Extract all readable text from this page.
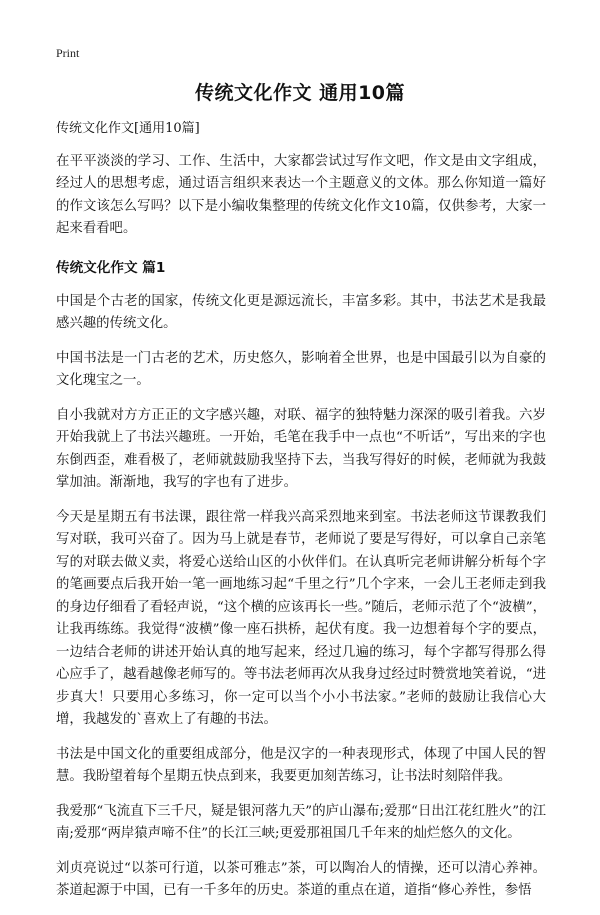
Print
传统文化作文 通用10篇

传统文化作文[通用10篇]

在平平淡淡的学习、工作、生活中，大家都尝试过写作文吧，作文是由文字组成，经过人的思想考虑，通过语言组织来表达一个主题意义的文体。那么你知道一篇好的作文该怎么写吗？以下是小编收集整理的传统文化作文10篇，仅供参考，大家一起来看看吧。

传统文化作文 篇1

中国是个古老的国家，传统文化更是源远流长，丰富多彩。其中，书法艺术是我最感兴趣的传统文化。

中国书法是一门古老的艺术，历史悠久，影响着全世界，也是中国最引以为自豪的文化瑰宝之一。

自小我就对方方正正的文字感兴趣，对联、福字的独特魅力深深的吸引着我。六岁开始我就上了书法兴趣班。一开始，毛笔在我手中一点也“不听话”，写出来的字也东倒西歪，难看极了，老师就鼓励我坚持下去，当我写得好的时候，老师就为我鼓掌加油。渐渐地，我写的字也有了进步。

今天是星期五有书法课，跟往常一样我兴高采烈地来到室。书法老师这节课教我们写对联，我可兴奋了。因为马上就是春节，老师说了要是写得好，可以拿自己亲笔写的对联去做义卖，将爱心送给山区的小伙伴们。在认真听完老师讲解分析每个字的笔画要点后我开始一笔一画地练习起“千里之行”几个字来，一会儿王老师走到我的身边仔细看了看轻声说，“这个横的应该再长一些。”随后，老师示范了个“波横”，让我再练练。我觉得“波横”像一座石拱桥，起伏有度。我一边想着每个字的要点，一边结合老师的讲述开始认真的地写起来，经过几遍的练习，每个字都写得那么得心应手了，越看越像老师写的。等书法老师再次从我身过经过时赞赏地笑着说，“进步真大！只要用心多练习，你一定可以当个小小书法家。”老师的鼓励让我信心大增，我越发的`喜欢上了有趣的书法。

书法是中国文化的重要组成部分，他是汉字的一种表现形式，体现了中国人民的智慧。我盼望着每个星期五快点到来，我要更加刻苦练习，让书法时刻陪伴我。

我爱那“飞流直下三千尺，疑是银河落九天”的庐山瀑布;爱那“日出江花红胜火”的江南;爱那“两岸猿声啼不住”的长江三峡;更爱那祖国几千年来的灿烂悠久的文化。

刘贞亮说过“以茶可行道，以茶可雅志”茶，可以陶冶人的情操，还可以清心养神。茶道起源于中国，已有一千多年的历史。茶道的重点在道，道指“修心养性，参悟
